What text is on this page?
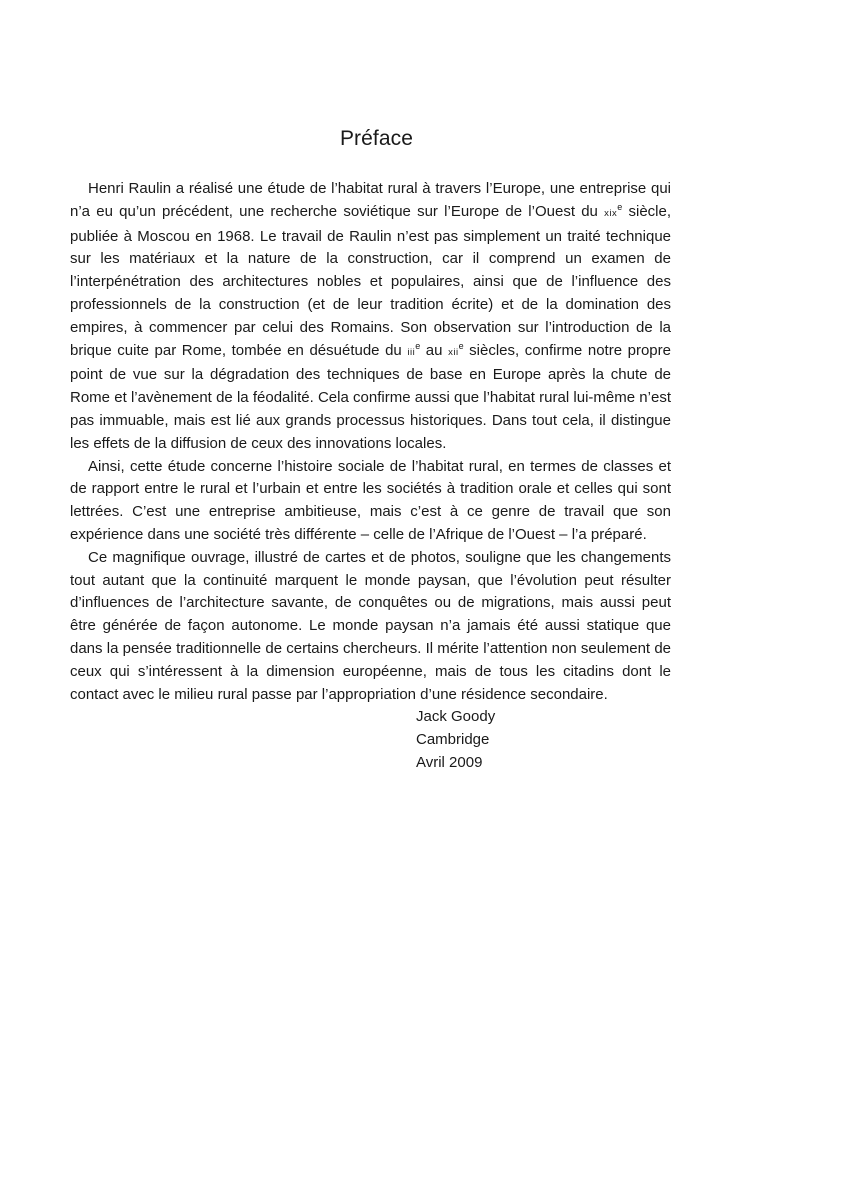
Préface

Henri Raulin a réalisé une étude de l’habitat rural à travers l’Europe, une entreprise qui n’a eu qu’un précédent, une recherche soviétique sur l’Europe de l’Ouest du xix$^e$ siècle, publiée à Moscou en 1968. Le travail de Raulin n’est pas simplement un traité technique sur les matériaux et la nature de la construction, car il comprend un examen de l’interpénétration des architectures nobles et populaires, ainsi que de l’influence des professionnels de la construction (et de leur tradition écrite) et de la domination des empires, à commencer par celui des Romains. Son observation sur l’introduction de la brique cuite par Rome, tombée en désuétude du iii$^e$ au xii$^e$ siècles, confirme notre propre point de vue sur la dégradation des techniques de base en Europe après la chute de Rome et l’avènement de la féodalité. Cela confirme aussi que l’habitat rural lui-même n’est pas immuable, mais est lié aux grands processus historiques. Dans tout cela, il distingue les effets de la diffusion de ceux des innovations locales.

Ainsi, cette étude concerne l’histoire sociale de l’habitat rural, en termes de classes et de rapport entre le rural et l’urbain et entre les sociétés à tradition orale et celles qui sont lettrées. C’est une entreprise ambitieuse, mais c’est à ce genre de travail que son expérience dans une société très différente – celle de l’Afrique de l’Ouest – l’a préparé.

Ce magnifique ouvrage, illustré de cartes et de photos, souligne que les changements tout autant que la continuité marquent le monde paysan, que l’évolution peut résulter d’influences de l’architecture savante, de conquêtes ou de migrations, mais aussi peut être générée de façon autonome. Le monde paysan n’a jamais été aussi statique que dans la pensée traditionnelle de certains chercheurs. Il mérite l’attention non seulement de ceux qui s’intéressent à la dimension européenne, mais de tous les citadins dont le contact avec le milieu rural passe par l’appropriation d’une résidence secondaire.

Jack Goody
Cambridge
Avril 2009
